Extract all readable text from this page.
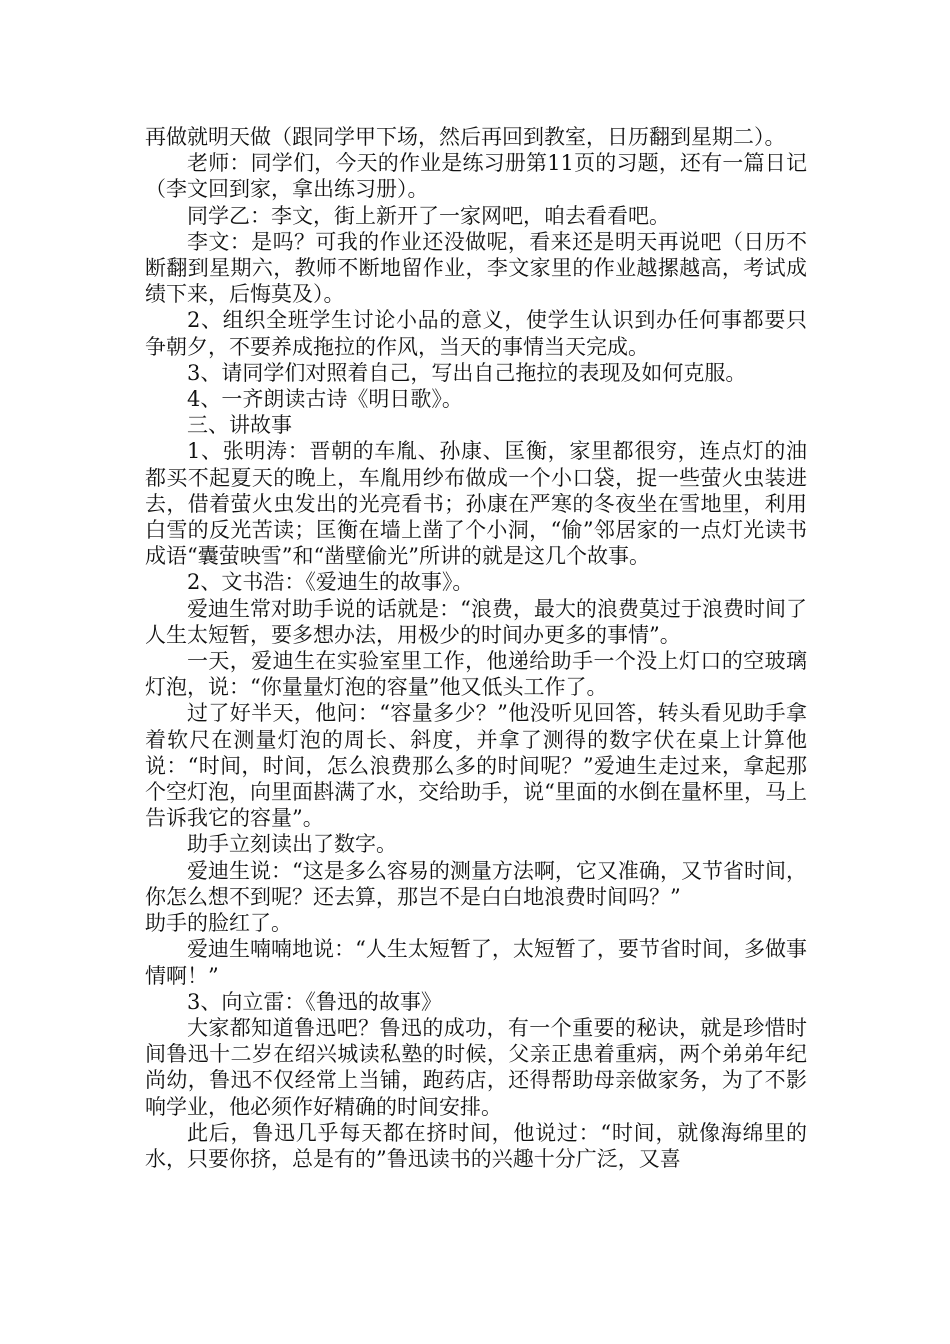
再做就明天做（跟同学甲下场，然后再回到教室，日历翻到星期二）。

老师：同学们，今天的作业是练习册第11页的习题，还有一篇日记（李文回到家，拿出练习册）。

同学乙：李文，街上新开了一家网吧，咱去看看吧。

李文：是吗？可我的作业还没做呢，看来还是明天再说吧（日历不断翻到星期六，教师不断地留作业，李文家里的作业越摞越高，考试成绩下来，后悔莫及）。

2、组织全班学生讨论小品的意义，使学生认识到办任何事都要只争朝夕，不要养成拖拉的作风，当天的事情当天完成。

3、请同学们对照着自己，写出自己拖拉的表现及如何克服。

4、一齐朗读古诗《明日歌》。

三、讲故事

1、张明涛：晋朝的车胤、孙康、匡衡，家里都很穷，连点灯的油都买不起夏天的晚上，车胤用纱布做成一个小口袋，捉一些萤火虫装进去，借着萤火虫发出的光亮看书；孙康在严寒的冬夜坐在雪地里，利用白雪的反光苦读；匡衡在墙上凿了个小洞，“偷”邻居家的一点灯光读书成语“囊萤映雪”和“凿壁偷光”所讲的就是这几个故事。

2、文书浩：《爱迪生的故事》。

爱迪生常对助手说的话就是：“浪费，最大的浪费莫过于浪费时间了人生太短暂，要多想办法，用极少的时间办更多的事情”。

一天，爱迪生在实验室里工作，他递给助手一个没上灯口的空玻璃灯泡，说：“你量量灯泡的容量”他又低头工作了。

过了好半天，他问：“容量多少？”他没听见回答，转头看见助手拿着软尺在测量灯泡的周长、斜度，并拿了测得的数字伏在桌上计算他说：“时间，时间，怎么浪费那么多的时间呢？”爱迪生走过来，拿起那个空灯泡，向里面斟满了水，交给助手，说“里面的水倒在量杯里，马上告诉我它的容量”。

助手立刻读出了数字。

爱迪生说：“这是多么容易的测量方法啊，它又准确，又节省时间，你怎么想不到呢？还去算，那岂不是白白地浪费时间吗？”

助手的脸红了。

爱迪生喃喃地说：“人生太短暂了，太短暂了，要节省时间，多做事情啊！”

3、向立雷：《鲁迅的故事》

大家都知道鲁迅吧？鲁迅的成功，有一个重要的秘诀，就是珍惜时间鲁迅十二岁在绍兴城读私塾的时候，父亲正患着重病，两个弟弟年纪尚幼，鲁迅不仅经常上当铺，跑药店，还得帮助母亲做家务，为了不影响学业，他必须作好精确的时间安排。

此后，鲁迅几乎每天都在挤时间，他说过：“时间，就像海绵里的水，只要你挤，总是有的”鲁迅读书的兴趣十分广泛，又喜
